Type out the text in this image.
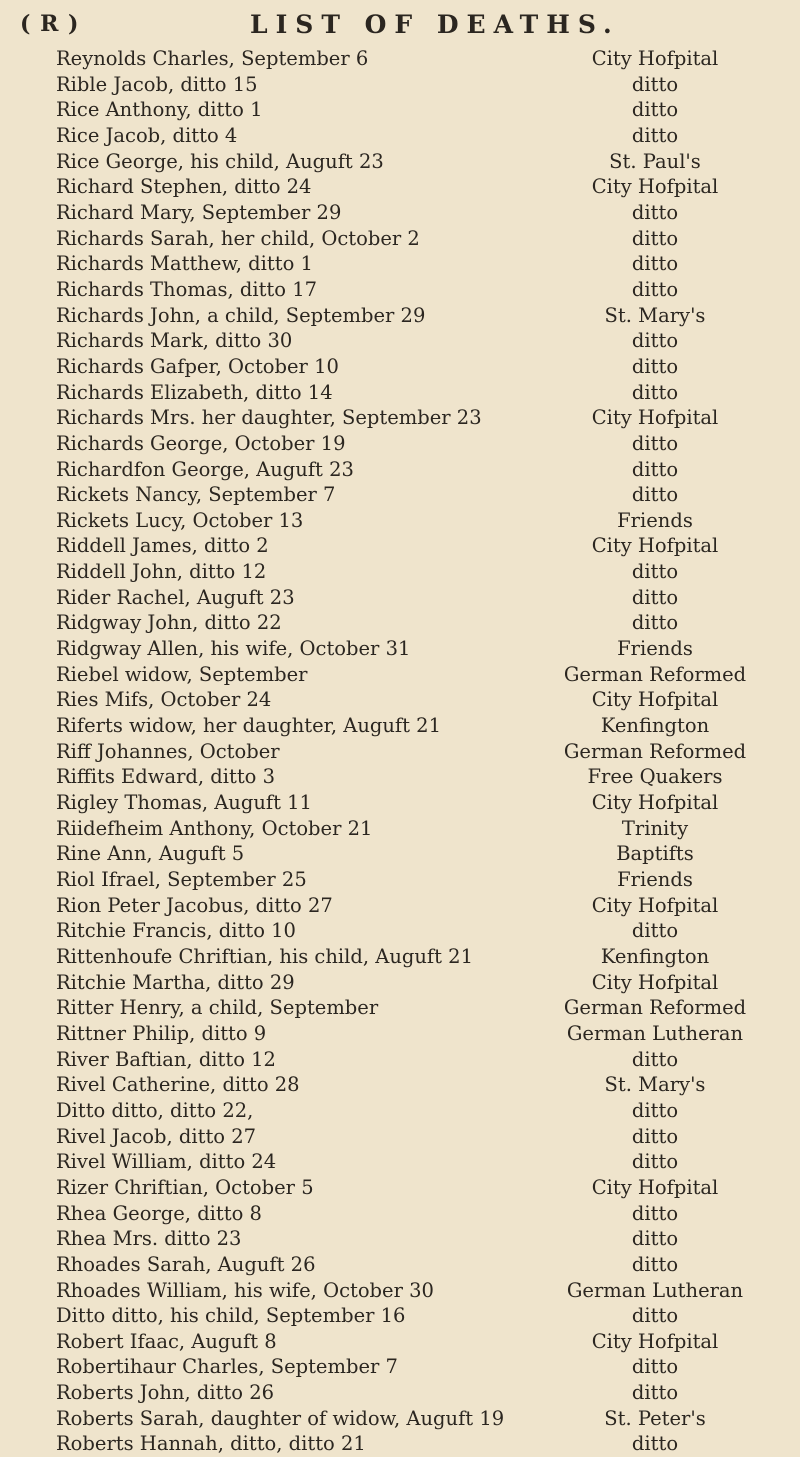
( R )	LIST OF DEATHS.
Reynolds Charles, September 6	City Hofpital
Rible Jacob, ditto 15	ditto
Rice Anthony, ditto 1	ditto
Rice Jacob, ditto 4	ditto
Rice George, his child, Auguft 23	St. Paul's
Richard Stephen, ditto 24	City Hofpital
Richard Mary, September 29	ditto
Richards Sarah, her child, October 2	ditto
Richards Matthew, ditto 1	ditto
Richards Thomas, ditto 17	ditto
Richards John, a child, September 29	St. Mary's
Richards Mark, ditto 30	ditto
Richards Gafper, October 10	ditto
Richards Elizabeth, ditto 14	ditto
Richards Mrs. her daughter, September 23	City Hofpital
Richards George, October 19	ditto
Richardfon George, Auguft 23	ditto
Rickets Nancy, September 7	ditto
Rickets Lucy, October 13	Friends
Riddell James, ditto 2	City Hofpital
Riddell John, ditto 12	ditto
Rider Rachel, Auguft 23	ditto
Ridgway John, ditto 22	ditto
Ridgway Allen, his wife, October 31	Friends
Riebel widow, September	German Reformed
Ries Mifs, October 24	City Hofpital
Riferts widow, her daughter, Auguft 21	Kenfington
Riff Johannes, October	German Reformed
Riffits Edward, ditto 3	Free Quakers
Rigley Thomas, Auguft 11	City Hofpital
Riidefheim Anthony, October 21	Trinity
Rine Ann, Auguft 5	Baptifts
Riol Ifrael, September 25	Friends
Rion Peter Jacobus, ditto 27	City Hofpital
Ritchie Francis, ditto 10	ditto
Rittenhoufe Chriftian, his child, Auguft 21	Kenfington
Ritchie Martha, ditto 29	City Hofpital
Ritter Henry, a child, September	German Reformed
Rittner Philip, ditto 9	German Lutheran
River Baftian, ditto 12	ditto
Rivel Catherine, ditto 28	St. Mary's
Ditto ditto, ditto 22,	ditto
Rivel Jacob, ditto 27	ditto
Rivel William, ditto 24	ditto
Rizer Chriftian, October 5	City Hofpital
Rhea George, ditto 8	ditto
Rhea Mrs. ditto 23	ditto
Rhoades Sarah, Auguft 26	ditto
Rhoades William, his wife, October 30	German Lutheran
Ditto ditto, his child, September 16	ditto
Robert Ifaac, Auguft 8	City Hofpital
Robertihaur Charles, September 7	ditto
Roberts John, ditto 26	ditto
Roberts Sarah, daughter of widow, Auguft 19	St. Peter's
Roberts Hannah, ditto, ditto 21	ditto
